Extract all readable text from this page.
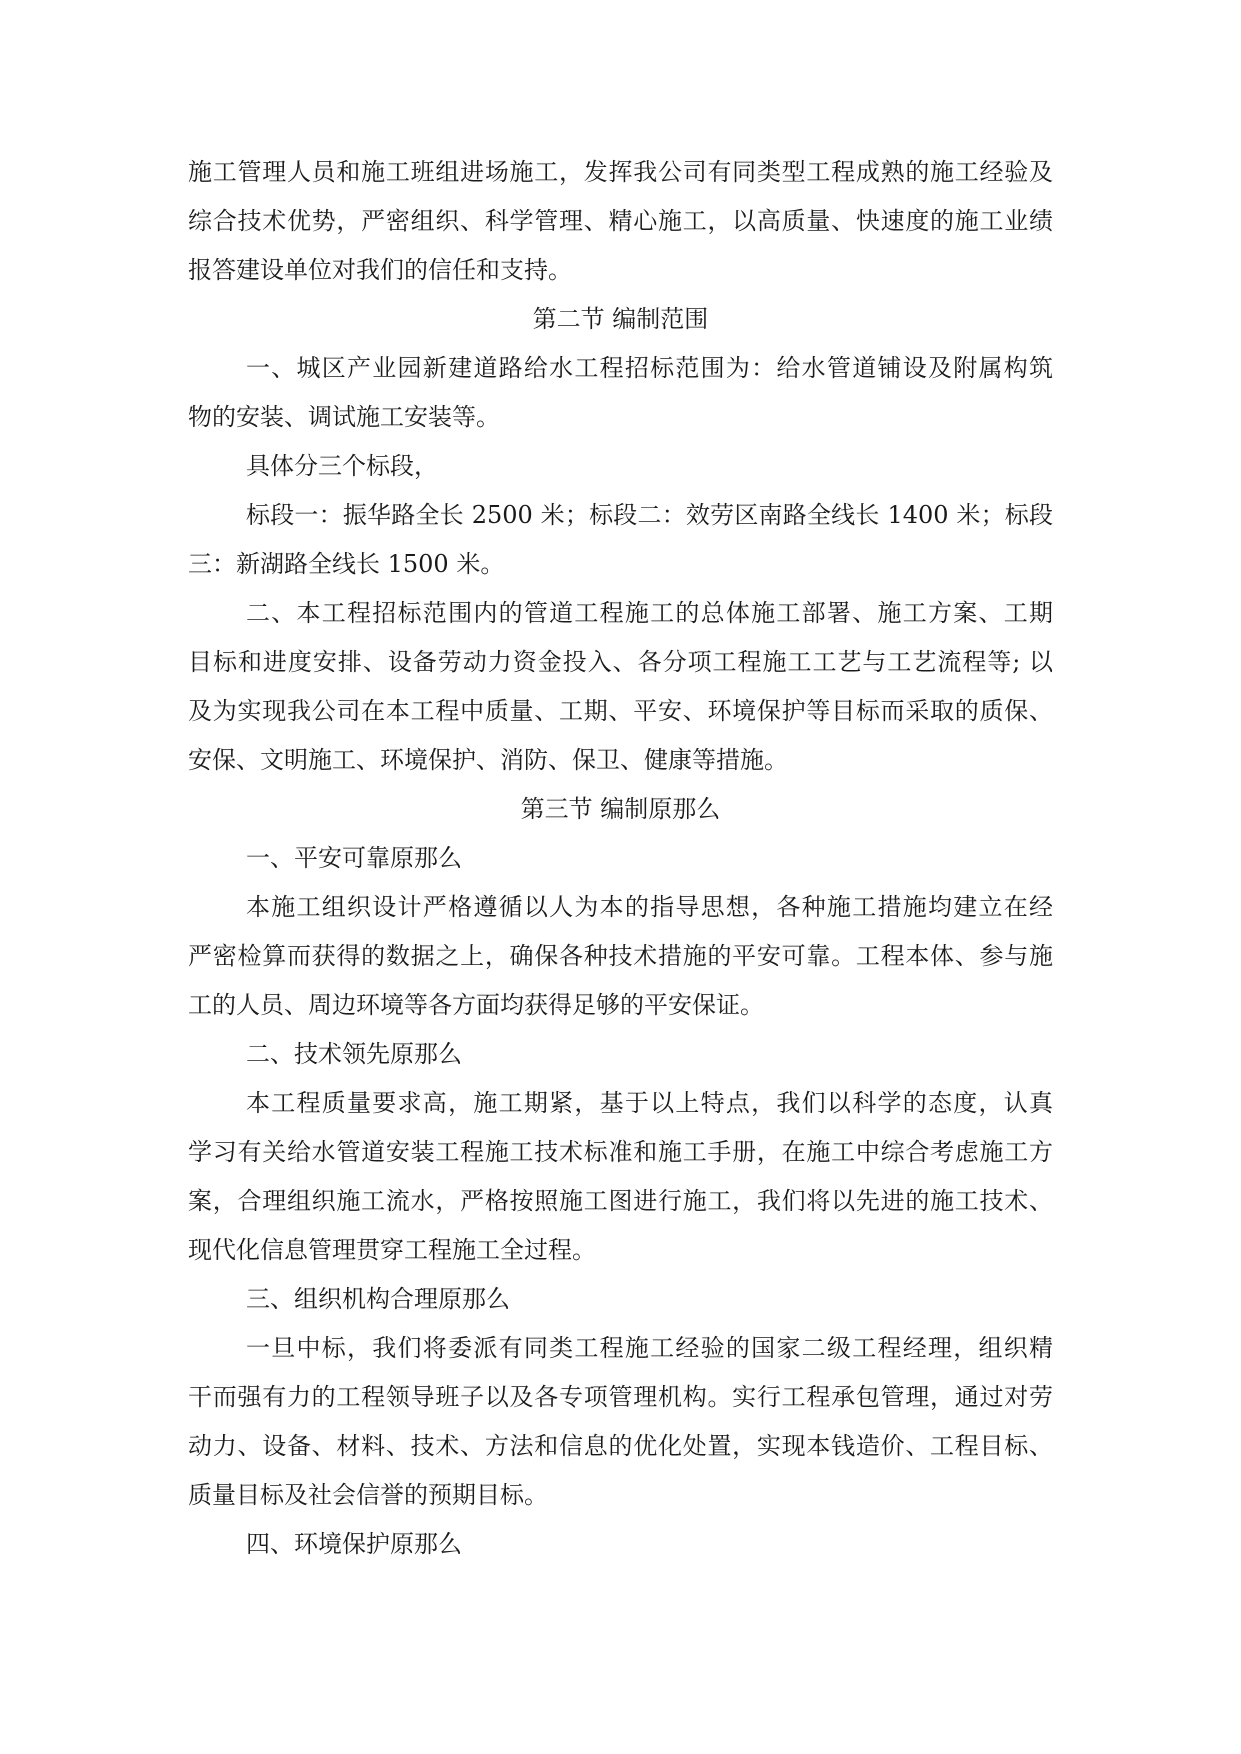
施工管理人员和施工班组进场施工，发挥我公司有同类型工程成熟的施工经验及
综合技术优势，严密组织、科学管理、精心施工，以高质量、快速度的施工业绩
报答建设单位对我们的信任和支持。
第二节 编制范围
一、城区产业园新建道路给水工程招标范围为：给水管道铺设及附属构筑
物的安装、调试施工安装等。
具体分三个标段，
标段一：振华路全长 2500 米；标段二：效劳区南路全线长 1400 米；标段
三：新湖路全线长 1500 米。
二、本工程招标范围内的管道工程施工的总体施工部署、施工方案、工期
目标和进度安排、设备劳动力资金投入、各分项工程施工工艺与工艺流程等; 以
及为实现我公司在本工程中质量、工期、平安、环境保护等目标而采取的质保、
安保、文明施工、环境保护、消防、保卫、健康等措施。
第三节 编制原那么
一、平安可靠原那么
本施工组织设计严格遵循以人为本的指导思想，各种施工措施均建立在经
严密检算而获得的数据之上，确保各种技术措施的平安可靠。工程本体、参与施
工的人员、周边环境等各方面均获得足够的平安保证。
二、技术领先原那么
本工程质量要求高，施工期紧，基于以上特点，我们以科学的态度，认真
学习有关给水管道安装工程施工技术标准和施工手册，在施工中综合考虑施工方
案，合理组织施工流水，严格按照施工图进行施工，我们将以先进的施工技术、
现代化信息管理贯穿工程施工全过程。
三、组织机构合理原那么
一旦中标，我们将委派有同类工程施工经验的国家二级工程经理，组织精
干而强有力的工程领导班子以及各专项管理机构。实行工程承包管理，通过对劳
动力、设备、材料、技术、方法和信息的优化处置，实现本钱造价、工程目标、
质量目标及社会信誉的预期目标。
四、环境保护原那么
